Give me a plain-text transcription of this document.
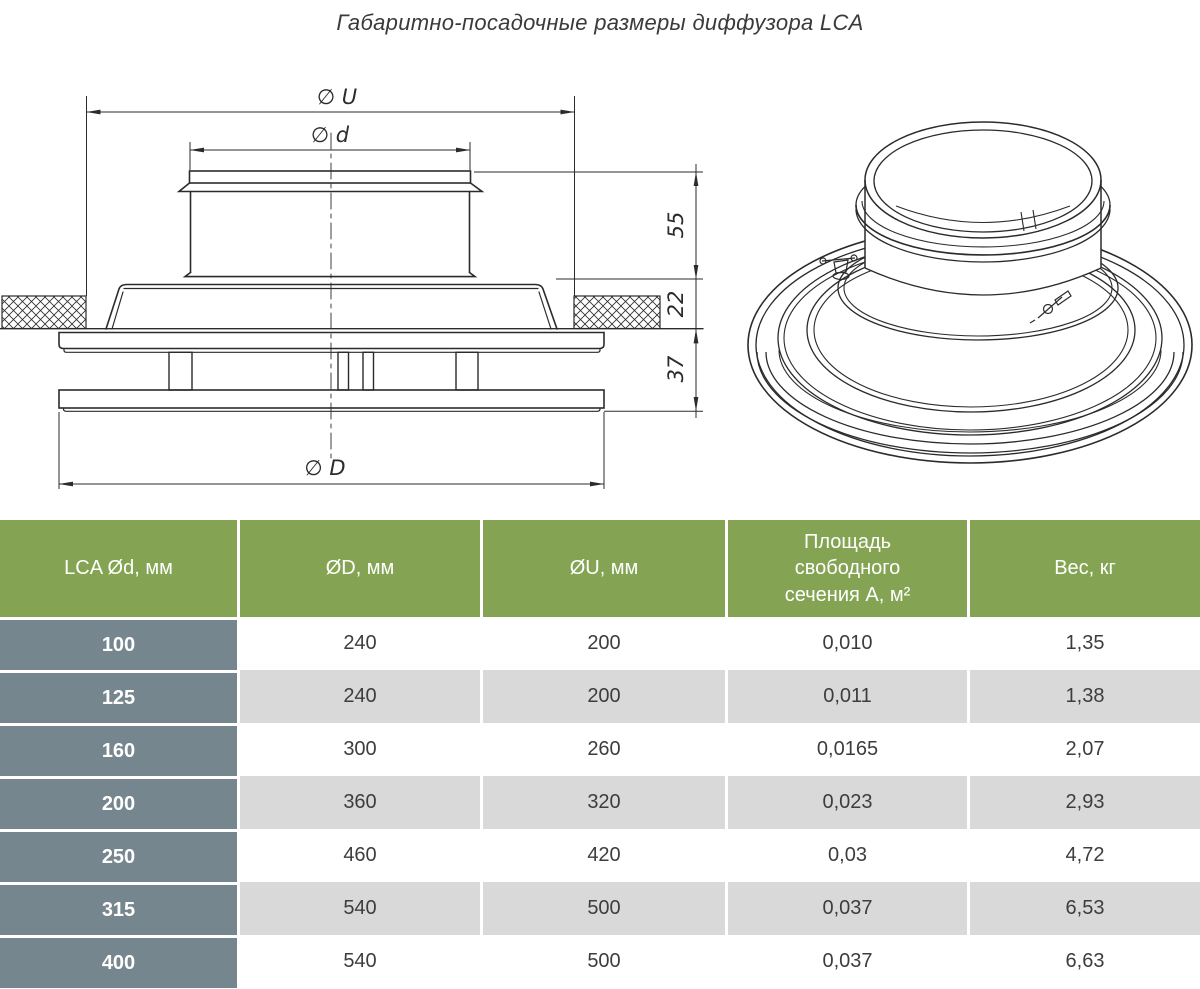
Габаритно-посадочные размеры диффузора LCA
∅ U
∅ d
∅ D
55
22
37
LCA Ød, мм	ØD, мм	ØU, мм	Площадь свободного сечения А, м²	Вес, кг
100	240	200	0,010	1,35
125	240	200	0,011	1,38
160	300	260	0,0165	2,07
200	360	320	0,023	2,93
250	460	420	0,03	4,72
315	540	500	0,037	6,53
400	540	500	0,037	6,63
